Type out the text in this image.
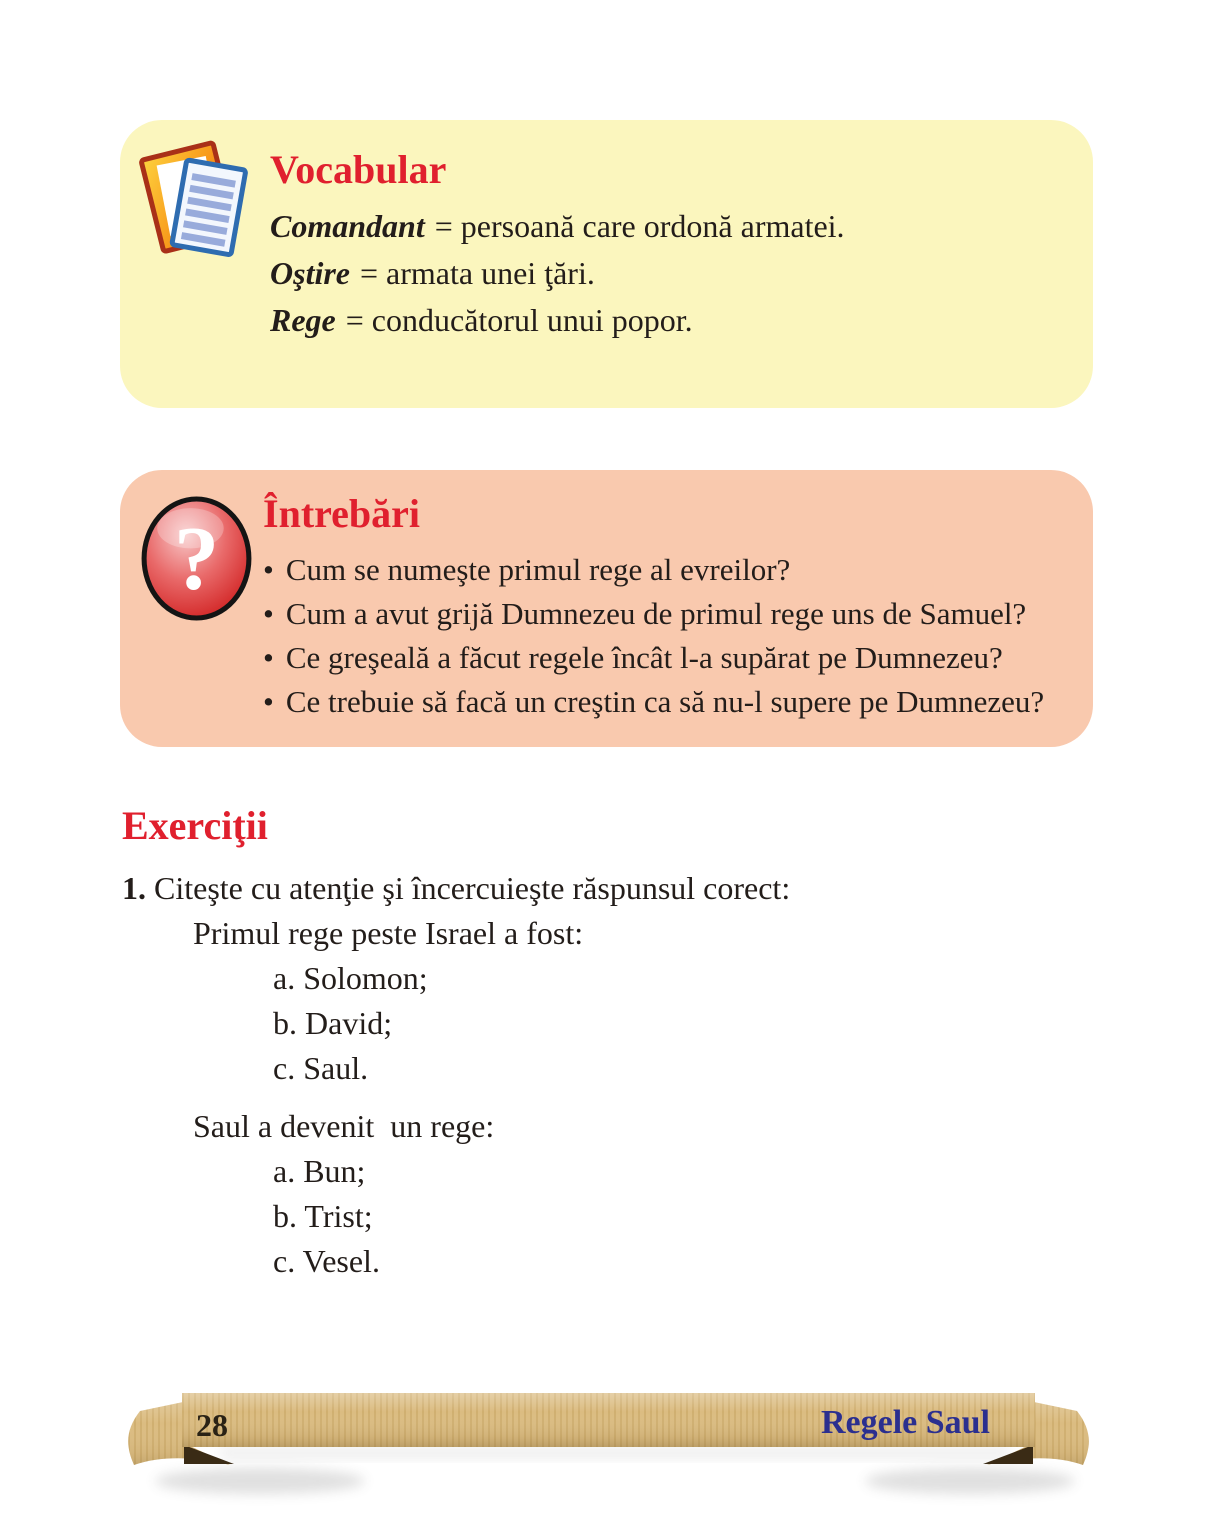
Vocabular
Comandant = persoană care ordonă armatei.
Oştire = armata unei ţări.
Rege = conducătorul unui popor.
? Întrebări
• Cum se numeşte primul rege al evreilor?
• Cum a avut grijă Dumnezeu de primul rege uns de Samuel?
• Ce greşeală a făcut regele încât l-a supărat pe Dumnezeu?
• Ce trebuie să facă un creştin ca să nu-l supere pe Dumnezeu?
Exerciţii

1. Citeşte cu atenţie şi încercuieşte răspunsul corect:

Primul rege peste Israel a fost:

a. Solomon;

b. David;

c. Saul.

Saul a devenit  un rege:

a. Bun;

b. Trist;

c. Vesel.

28	Regele Saul
